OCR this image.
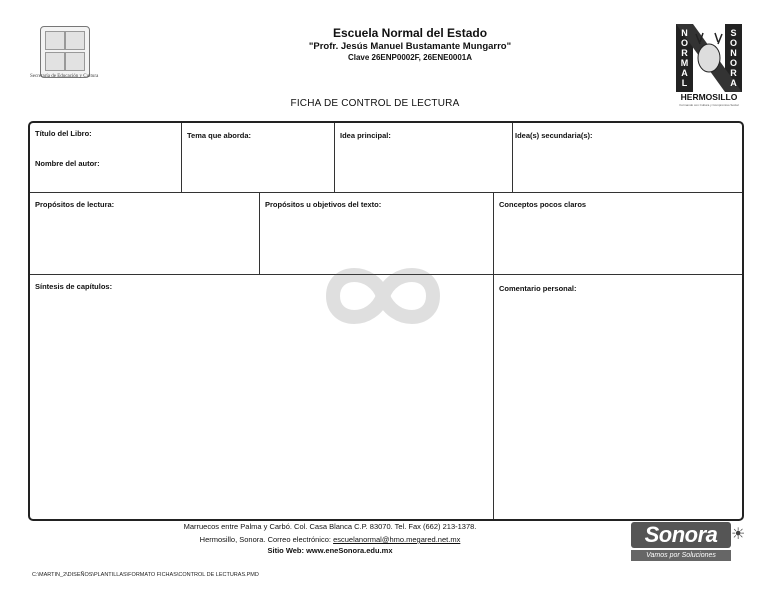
Secretaría de Educación y Cultura
Escuela Normal del Estado
"Profr. Jesús Manuel Bustamante Mungarro"
Clave 26ENP0002F, 26ENE0001A
N
O
R
M
A
L
S
O
N
O
R
A
HERMOSILLO
Formando con Cultura y Compromiso Social
FICHA DE CONTROL DE LECTURA
Título del Libro:
Nombre del autor:
Tema que aborda:	Idea principal:	Idea(s) secundaria(s):
Propósitos de lectura:	Propósitos u objetivos del texto:	Conceptos pocos claros
Síntesis de capítulos:	Comentario personal:
Marruecos entre Palma y Carbó. Col. Casa Blanca C.P. 83070. Tel. Fax (662) 213-1378.
Hermosillo, Sonora. Correo electrónico: escuelanormal@hmo.megared.net.mx
Sitio Web: www.eneSonora.edu.mx
C:\MARTIN_2\DISEÑOS\PLANTILLAS\FORMATO FICHAS\CONTROL DE LECTURAS.PMD
Sonora ☀
Vamos por Soluciones
